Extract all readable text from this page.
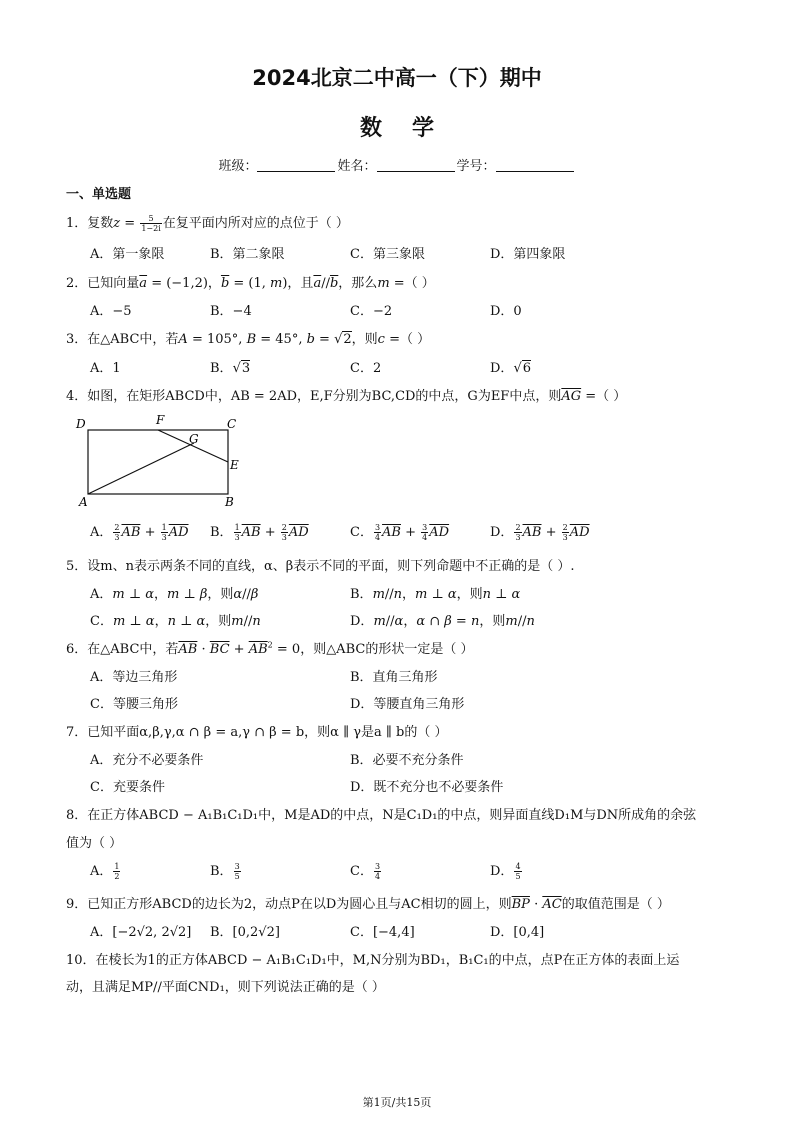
2024北京二中高一（下）期中
数学
班级：	姓名：	学号：
一、单选题
1．复数$z = \frac{5}{1-2i}$ 在复平面内所对应的点位于（ ）
A．第一象限	B．第二象限	C．第三象限	D．第四象限
2．已知向量$\overline{a} = (-1,2)$，$\overline{b} = (1$, m)，且$\overline{a}//\overline{b}$，那么m =（ ）
A．−5	B．−4	C．−2	D．0
3．在△ABC中，若A = 105°, B = 45°, b = √2，则c =（ ）
A．1	B．√3	C．2	D．√6
4．如图，在矩形ABCD中，AB = 2AD，E,F分别为BC,CD的中点，G为EF中点，则$\overline{AG}$ =（ ）
D	F
G
C
E
A	B
A． $\frac{2}{3} \overline{AB} + \frac{1}{3} \overline{AD}$ B． $\frac{1}{3} \overline{AB} + \frac{2}{3} \overline{AD}$	C． $\frac{3}{4} \overline{AB} + \frac{3}{4} \overline{AD}$	D． $\frac{2}{3} \overline{AB} + \frac{2}{3} \overline{AD}$
5．设m、n表示两条不同的直线，α、β表示不同的平面，则下列命题中不正确的是（ ）.
A．m ⊥ α，m ⊥ β，则α//β	B．m//n，m ⊥ α，则n ⊥ α
C．m ⊥ α，n ⊥ α，则m//n	D．m//α，α ∩ β = n，则m//n
6．在△ABC中，若$\overline{AB} \cdot \overline{BC} + \overline{AB}^2 = 0$，则△ABC的形状一定是（ ）
A．等边三角形	B．直角三角形
C．等腰三角形	D．等腰直角三角形
7．已知平面α,β,γ,α ∩ β = a,γ ∩ β = b，则α ∥ γ是a ∥ b的（ ）
A．充分不必要条件	B．必要不充分条件
C．充要条件	D．既不充分也不必要条件
8．在正方体ABCD − A₁B₁C₁D₁中，M是AD的中点，N是C₁D₁的中点，则异面直线D₁M与DN所成角的余弦
值为（ ）
A． $\frac{1}{2}$	B． $\frac{3}{5}$	C． $\frac{3}{4}$	D． $\frac{4}{5}$
9．已知正方形ABCD的边长为2，动点P在以D为圆心且与AC相切的圆上，则$\overline{BP} \cdot \overline{AC}$的取值范围是（ ）
A．[−2√2, 2√2] B．[0,2√2]	C．[−4,4]	D．[0,4]
10．在棱长为1的正方体ABCD − A₁B₁C₁D₁中，M,N分别为BD₁，B₁C₁的中点，点P在正方体的表面上运
动，且满足MP//平面CND₁，则下列说法正确的是（ ）
第1页/共15页
